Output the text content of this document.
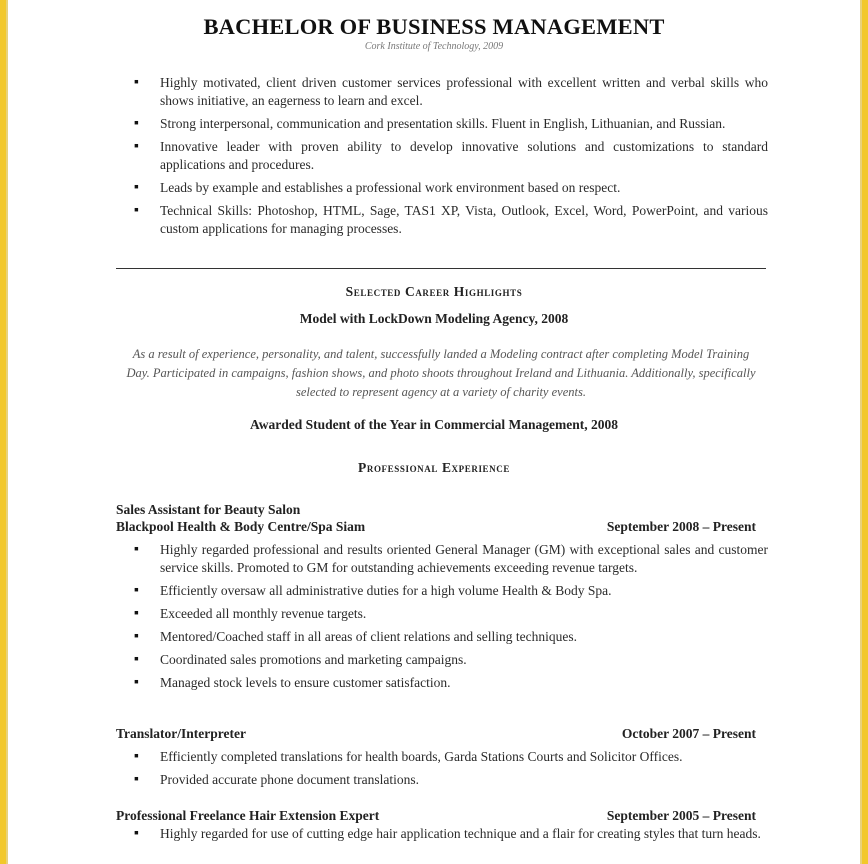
BACHELOR OF BUSINESS MANAGEMENT
Cork Institute of Technology, 2009
▪ Highly motivated, client driven customer services professional with excellent written and verbal skills who shows initiative, an eagerness to learn and excel.
▪ Strong interpersonal, communication and presentation skills. Fluent in English, Lithuanian, and Russian.
▪ Innovative leader with proven ability to develop innovative solutions and customizations to standard applications and procedures.
▪ Leads by example and establishes a professional work environment based on respect.
▪ Technical Skills: Photoshop, HTML, Sage, TAS1 XP, Vista, Outlook, Excel, Word, PowerPoint, and various custom applications for managing processes.
Selected Career Highlights
Model with LockDown Modeling Agency, 2008
As a result of experience, personality, and talent, successfully landed a Modeling contract after completing Model Training Day. Participated in campaigns, fashion shows, and photo shoots throughout Ireland and Lithuania. Additionally, specifically selected to represent agency at a variety of charity events.
Awarded Student of the Year in Commercial Management, 2008
Professional Experience
Sales Assistant for Beauty Salon
Blackpool Health & Body Centre/Spa Siam	September 2008 – Present
▪ Highly regarded professional and results oriented General Manager (GM) with exceptional sales and customer service skills. Promoted to GM for outstanding achievements exceeding revenue targets.
▪ Efficiently oversaw all administrative duties for a high volume Health & Body Spa.
▪ Exceeded all monthly revenue targets.
▪ Mentored/Coached staff in all areas of client relations and selling techniques.
▪ Coordinated sales promotions and marketing campaigns.
▪ Managed stock levels to ensure customer satisfaction.
Translator/Interpreter	October 2007 – Present
▪ Efficiently completed translations for health boards, Garda Stations Courts and Solicitor Offices.
▪ Provided accurate phone document translations.
Professional Freelance Hair Extension Expert	September 2005 – Present
▪ Highly regarded for use of cutting edge hair application technique and a flair for creating styles that turn heads.
